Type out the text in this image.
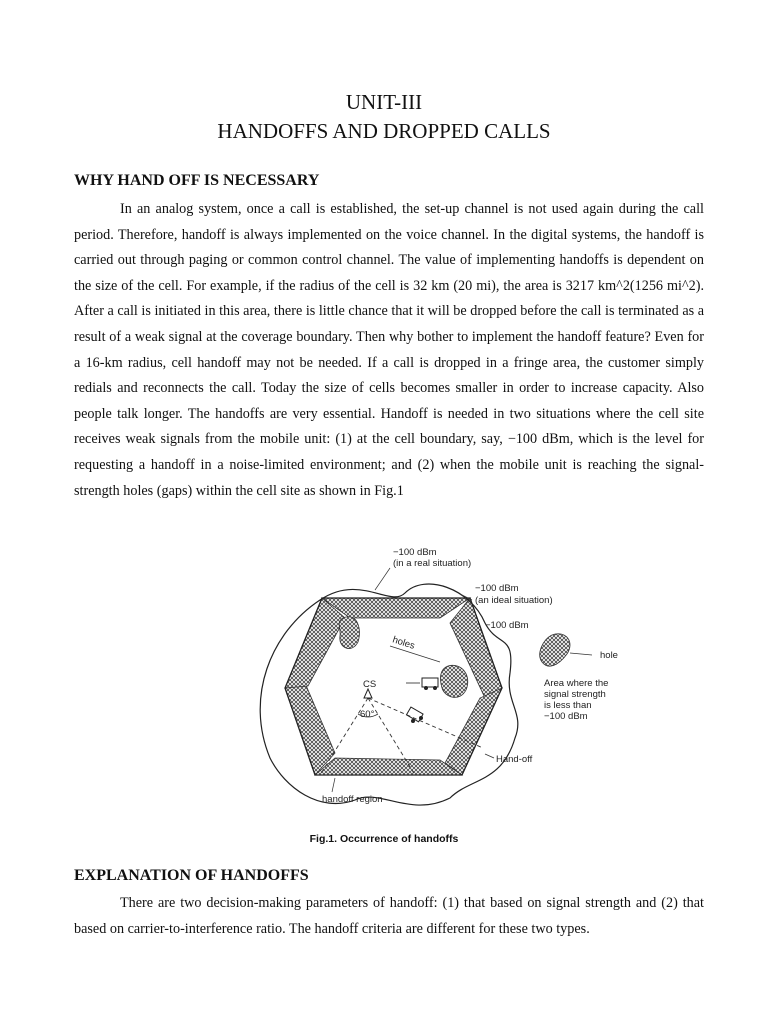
UNIT-III
HANDOFFS AND DROPPED CALLS
WHY HAND OFF IS NECESSARY

In an analog system, once a call is established, the set-up channel is not used again during the call period. Therefore, handoff is always implemented on the voice channel. In the digital systems, the handoff is carried out through paging or common control channel. The value of implementing handoffs is dependent on the size of the cell. For example, if the radius of the cell is 32 km (20 mi), the area is 3217 km^2(1256 mi^2). After a call is initiated in this area, there is little chance that it will be dropped before the call is terminated as a result of a weak signal at the coverage boundary. Then why bother to implement the handoff feature? Even for a 16-km radius, cell handoff may not be needed. If a call is dropped in a fringe area, the customer simply redials and reconnects the call. Today the size of cells becomes smaller in order to increase capacity. Also people talk longer. The handoffs are very essential. Handoff is needed in two situations where the cell site receives weak signals from the mobile unit: (1) at the cell boundary, say, −100 dBm, which is the level for requesting a handoff in a noise-limited environment; and (2) when the mobile unit is reaching the signal-strength holes (gaps) within the cell site as shown in Fig.1

−100 dBm
(in a real situation)
−100 dBm
(an ideal situation)
−100 dBm
holes
CS
60°
hole
Area where the
signal strength
is less than
−100 dBm
Hand-off
handoff region
Fig.1. Occurrence of handoffs
EXPLANATION OF HANDOFFS

There are two decision-making parameters of handoff: (1) that based on signal strength and (2) that based on carrier-to-interference ratio. The handoff criteria are different for these two types.
